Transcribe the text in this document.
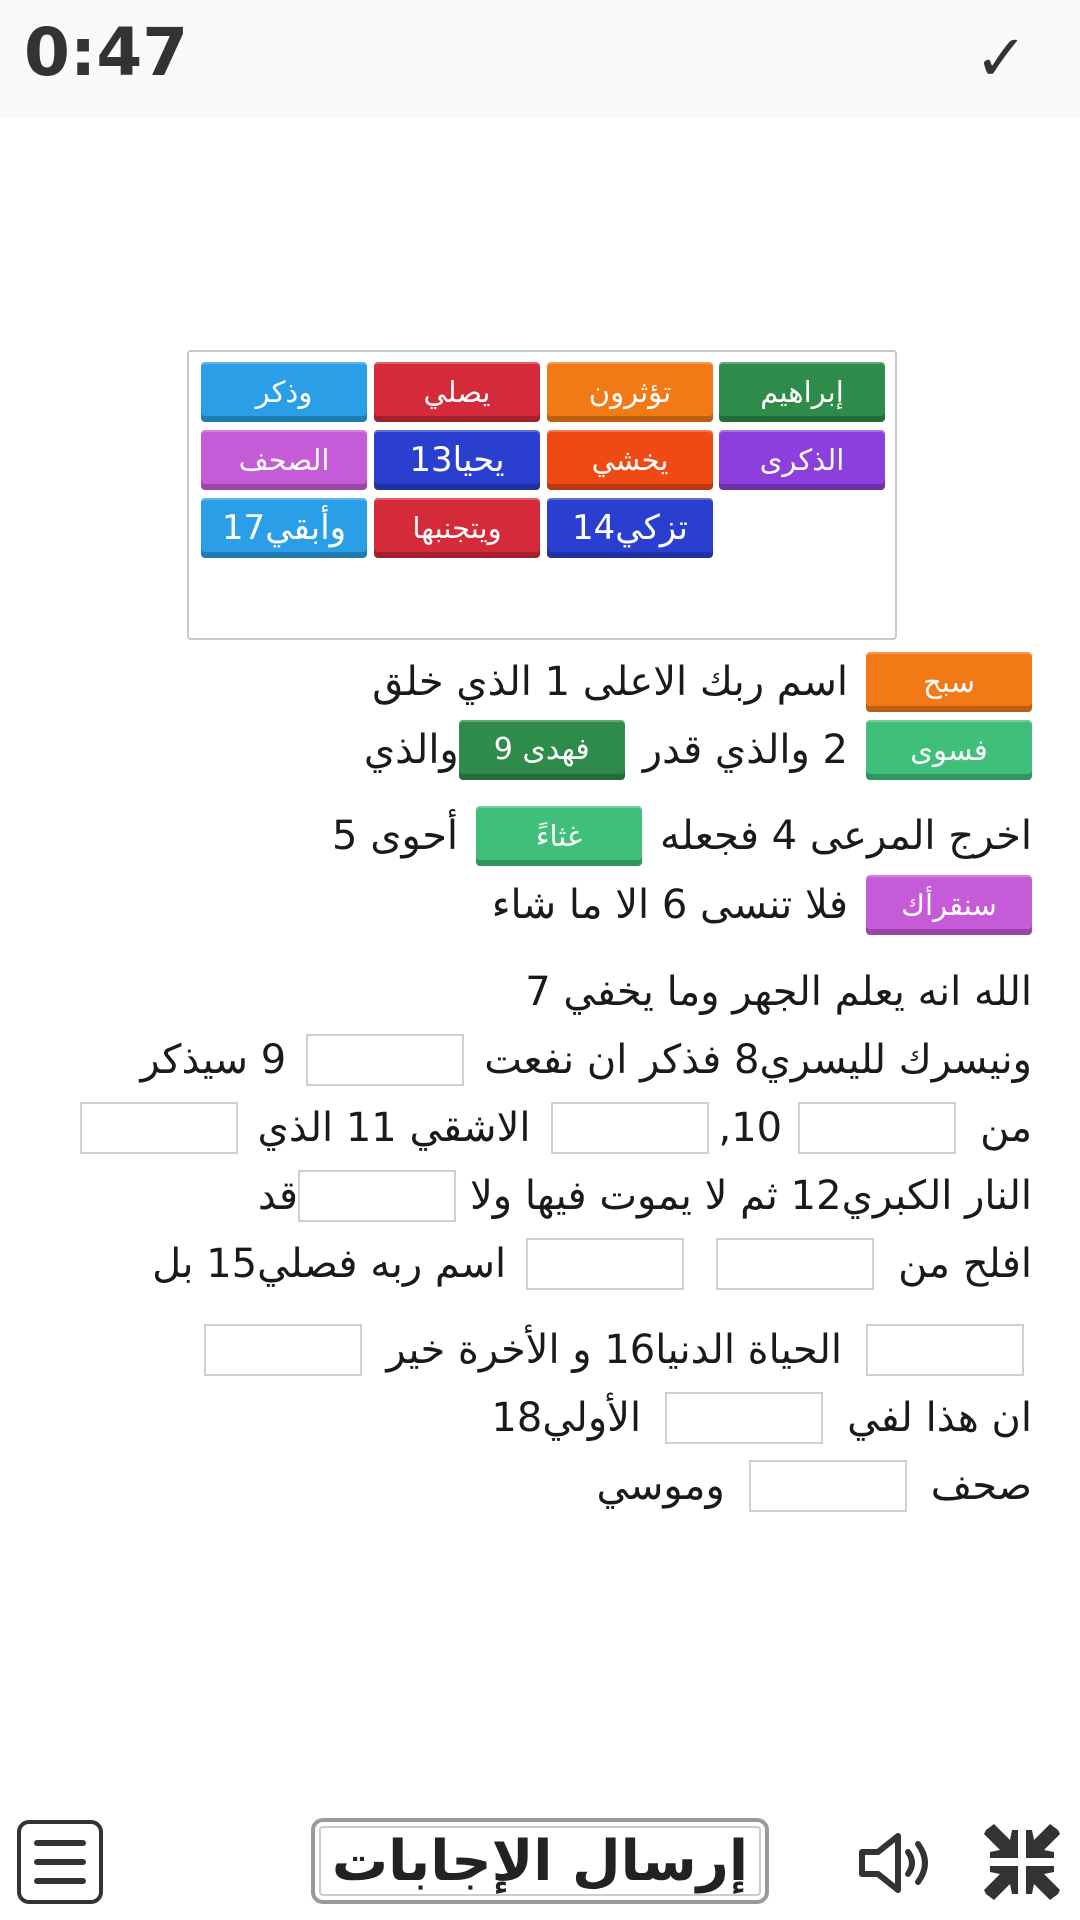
0:47	✓
إبراهيم
تؤثرون
يصلي
وذكر
الذكرى
يخشي
يحيا13
الصحف
تزكي14
ويتجنبها
وأبقي17
سبح
اسم ربك الاعلى 1 الذي خلق
فسوى
2 والذي قدر
فهدى 9
والذي
اخرج المرعى 4 فجعله
غثاءً
أحوى 5
سنقرأك
فلا تنسى 6 الا ما شاء
الله انه يعلم الجهر وما يخفي 7
ونيسرك لليسري8 فذكر ان نفعت
9 سيذكر
من
10,
الاشقي 11 الذي
النار الكبري12 ثم لا يموت فيها ولا
قد
افلح من
اسم ربه فصلي15 بل
الحياة الدنيا16 و الأخرة خير
ان هذا لفي
الأولي18
صحف
وموسي
إرسال الإجابات
